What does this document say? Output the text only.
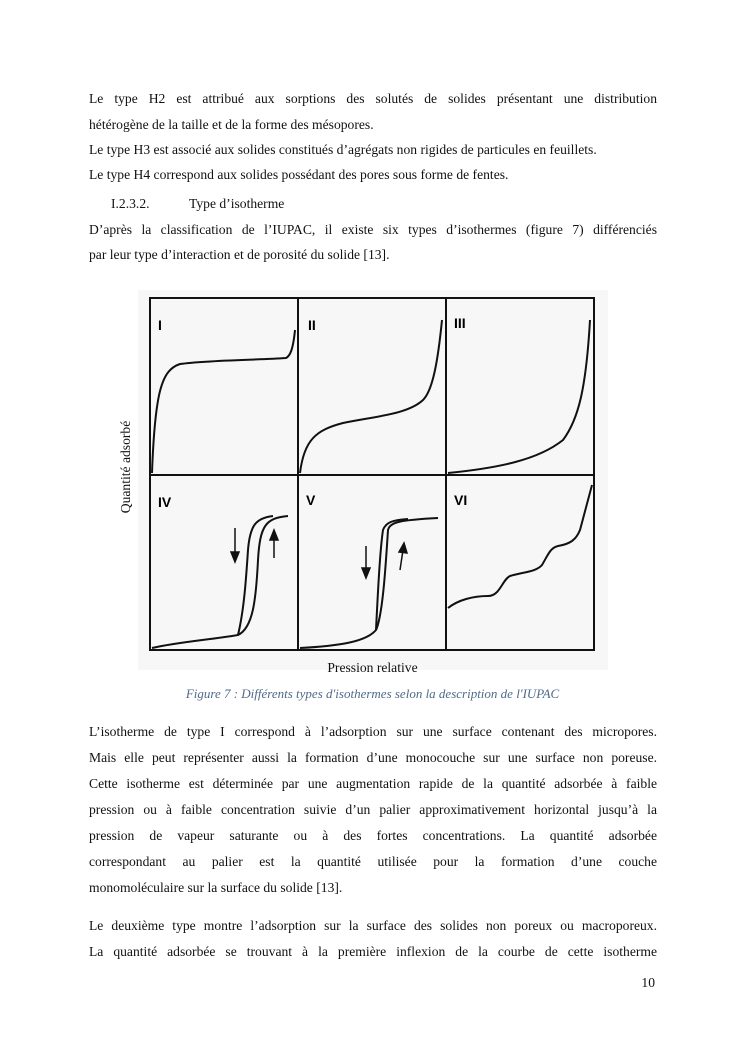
Le type H2 est attribué aux sorptions des solutés de solides présentant une distribution
hétérogène de la taille et de la forme des mésopores.
Le type H3 est associé aux solides constitués d’agrégats non rigides de particules en feuillets.
Le type H4 correspond aux solides possédant des pores sous forme de fentes.
I.2.3.2.	Type d’isotherme
D’après la classification de l’IUPAC, il existe six types d’isothermes (figure 7) différenciés
par leur type d’interaction et de porosité du solide [13].
I	II	III
IV	V	VI
Quantité adsorbé
Pression relative
Figure 7 : Différents types d'isothermes selon la description de l'IUPAC
L’isotherme de type I correspond à l’adsorption sur une surface contenant des micropores.
Mais elle peut représenter aussi la formation d’une monocouche sur une surface non poreuse.
Cette isotherme est déterminée par une augmentation rapide de la quantité adsorbée à faible
pression ou à faible concentration suivie d’un palier approximativement horizontal jusqu’à la
pression de vapeur saturante ou à des fortes concentrations. La quantité adsorbée
correspondant au palier est la quantité utilisée pour la formation d’une couche
monomoléculaire sur la surface du solide [13].
Le deuxième type montre l’adsorption sur la surface des solides non poreux ou macroporeux.
La quantité adsorbée se trouvant à la première inflexion de la courbe de cette isotherme
10
